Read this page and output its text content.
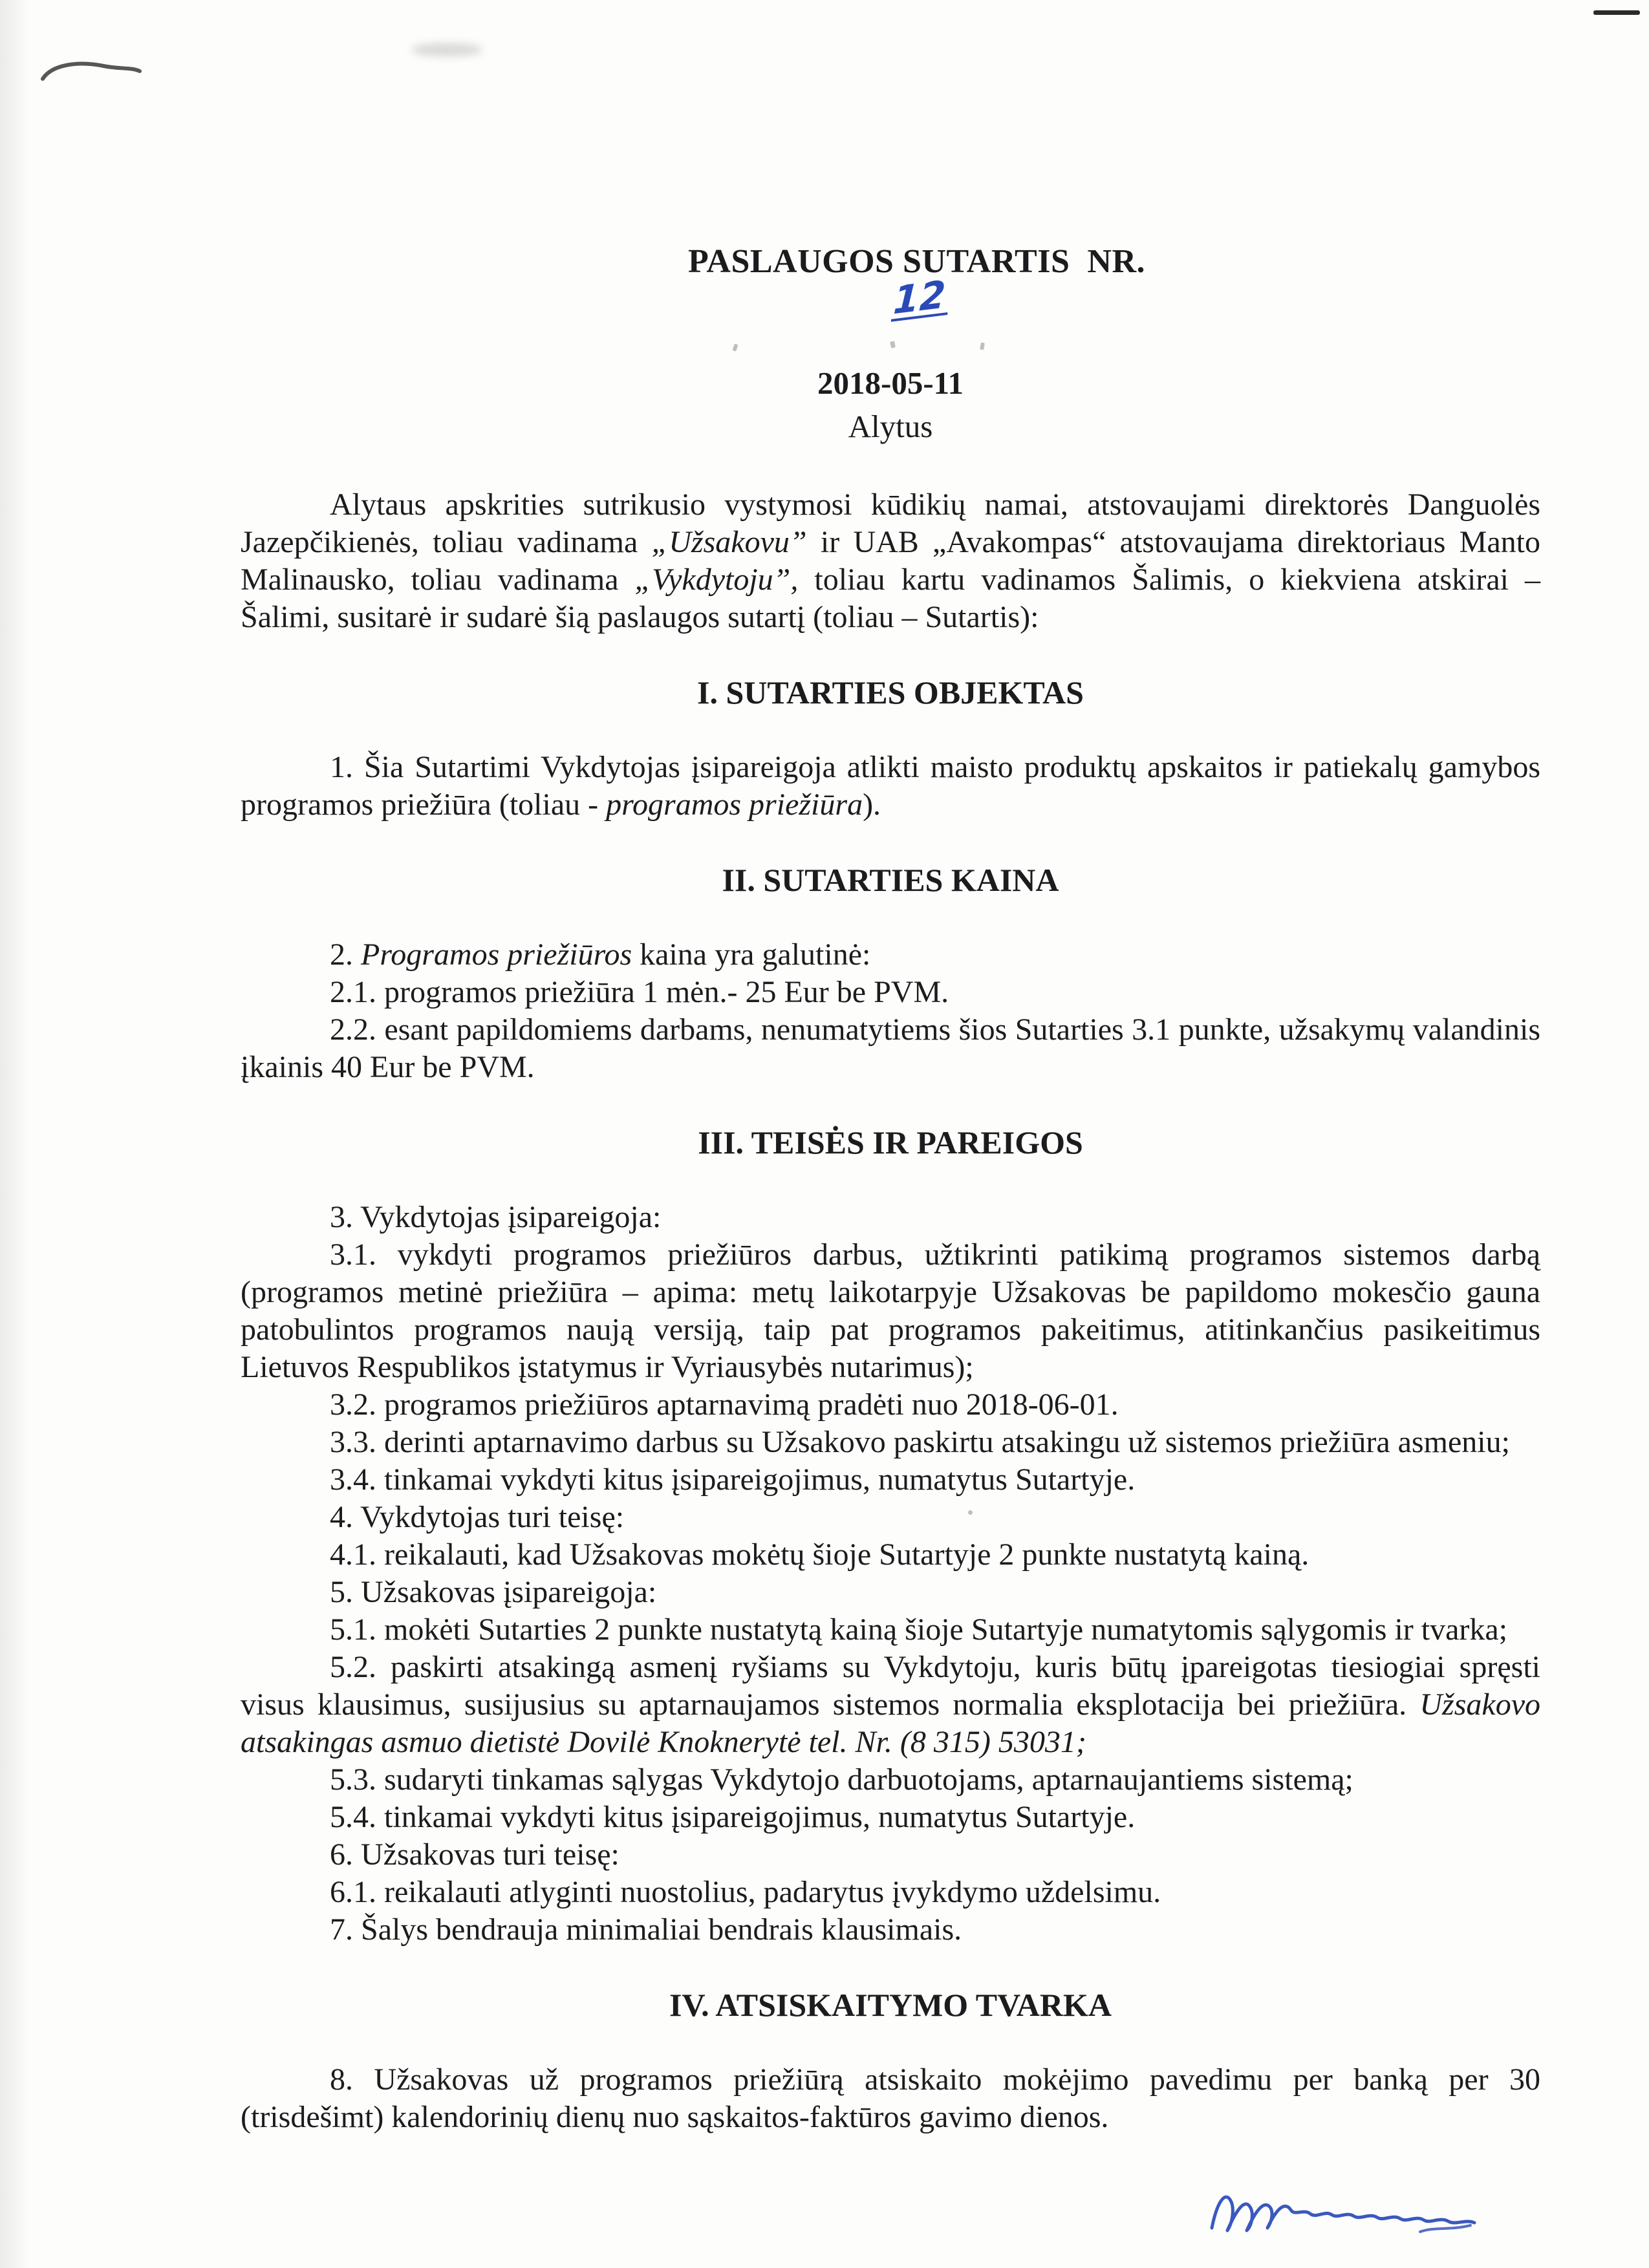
PASLAUGOS SUTARTIS  NR.
12

2018-05-11
Alytus

Alytaus apskrities sutrikusio vystymosi kūdikių namai, atstovaujami direktorės Danguolės Jazepčikienės, toliau vadinama „Užsakovu” ir UAB „Avakompas“ atstovaujama direktoriaus Manto Malinausko, toliau vadinama „Vykdytoju”, toliau kartu vadinamos Šalimis, o kiekviena atskirai – Šalimi, susitarė ir sudarė šią paslaugos sutartį (toliau – Sutartis):

I. SUTARTIES OBJEKTAS

1. Šia Sutartimi Vykdytojas įsipareigoja atlikti maisto produktų apskaitos ir patiekalų gamybos programos priežiūra (toliau - programos priežiūra).

II. SUTARTIES KAINA

2. Programos priežiūros kaina yra galutinė:

2.1. programos priežiūra 1 mėn.- 25 Eur be PVM.

2.2. esant papildomiems darbams, nenumatytiems šios Sutarties 3.1 punkte, užsakymų valandinis įkainis 40 Eur be PVM.

III. TEISĖS IR PAREIGOS

3. Vykdytojas įsipareigoja:

3.1. vykdyti programos priežiūros darbus, užtikrinti patikimą programos sistemos darbą (programos metinė priežiūra – apima: metų laikotarpyje Užsakovas be papildomo mokesčio gauna patobulintos programos naują versiją, taip pat programos pakeitimus, atitinkančius pasikeitimus Lietuvos Respublikos įstatymus ir Vyriausybės nutarimus);

3.2. programos priežiūros aptarnavimą pradėti nuo 2018-06-01.

3.3. derinti aptarnavimo darbus su Užsakovo paskirtu atsakingu už sistemos priežiūra asmeniu;

3.4. tinkamai vykdyti kitus įsipareigojimus, numatytus Sutartyje.

4. Vykdytojas turi teisę:

4.1. reikalauti, kad Užsakovas mokėtų šioje Sutartyje 2 punkte nustatytą kainą.

5. Užsakovas įsipareigoja:

5.1. mokėti Sutarties 2 punkte nustatytą kainą šioje Sutartyje numatytomis sąlygomis ir tvarka;

5.2. paskirti atsakingą asmenį ryšiams su Vykdytoju, kuris būtų įpareigotas tiesiogiai spręsti visus klausimus, susijusius su aptarnaujamos sistemos normalia eksplotacija bei priežiūra. Užsakovo atsakingas asmuo dietistė Dovilė Knoknerytė tel. Nr. (8 315) 53031;

5.3. sudaryti tinkamas sąlygas Vykdytojo darbuotojams, aptarnaujantiems sistemą;

5.4. tinkamai vykdyti kitus įsipareigojimus, numatytus Sutartyje.

6. Užsakovas turi teisę:

6.1. reikalauti atlyginti nuostolius, padarytus įvykdymo uždelsimu.

7. Šalys bendrauja minimaliai bendrais klausimais.

IV. ATSISKAITYMO TVARKA

8. Užsakovas už programos priežiūrą atsiskaito mokėjimo pavedimu per banką per 30 (trisdešimt) kalendorinių dienų nuo sąskaitos-faktūros gavimo dienos.
